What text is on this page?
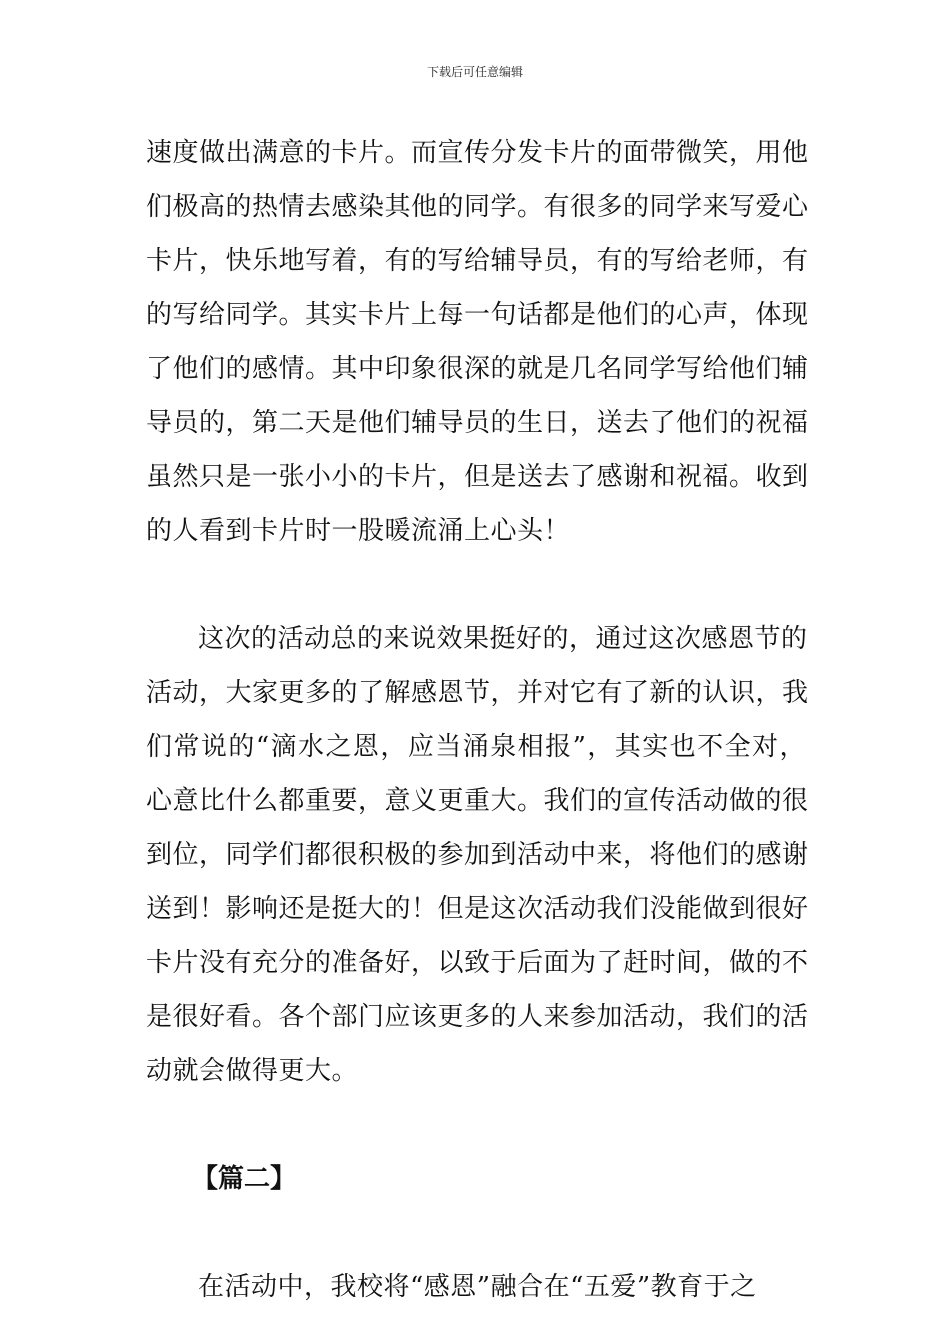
下载后可任意编辑

速度做出满意的卡片。而宣传分发卡片的面带微笑，用他
们极高的热情去感染其他的同学。有很多的同学来写爱心
卡片，快乐地写着，有的写给辅导员，有的写给老师，有
的写给同学。其实卡片上每一句话都是他们的心声，体现
了他们的感情。其中印象很深的就是几名同学写给他们辅
导员的，第二天是他们辅导员的生日，送去了他们的祝福
虽然只是一张小小的卡片，但是送去了感谢和祝福。收到
的人看到卡片时一股暖流涌上心头！

这次的活动总的来说效果挺好的，通过这次感恩节的
活动，大家更多的了解感恩节，并对它有了新的认识，我
们常说的“滴水之恩，应当涌泉相报”，其实也不全对，
心意比什么都重要，意义更重大。我们的宣传活动做的很
到位，同学们都很积极的参加到活动中来，将他们的感谢
送到！影响还是挺大的！但是这次活动我们没能做到很好
卡片没有充分的准备好，以致于后面为了赶时间，做的不
是很好看。各个部门应该更多的人来参加活动，我们的活
动就会做得更大。

【篇二】

在活动中，我校将“感恩”融合在“五爱”教育于之
